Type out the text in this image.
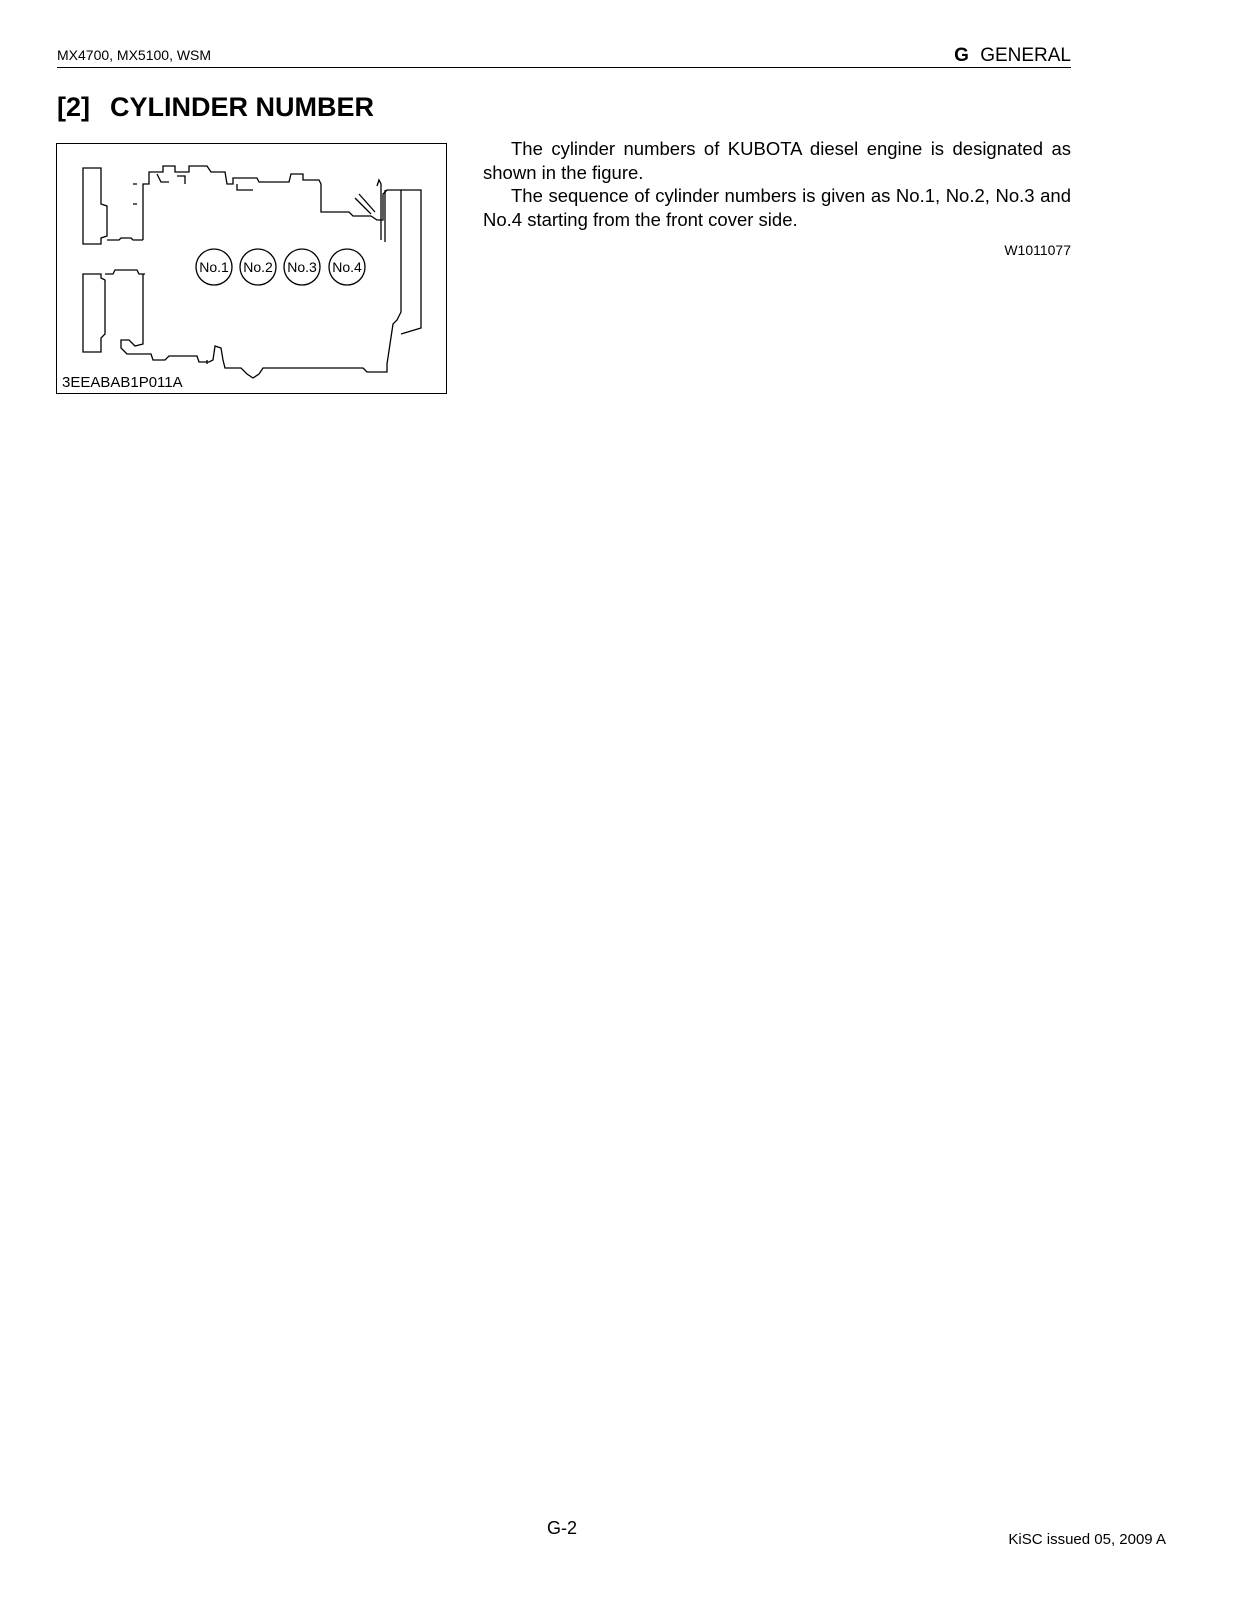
MX4700, MX5100, WSM	G GENERAL
[2] CYLINDER NUMBER
No.1 No.2 No.3 No.4
3EEABAB1P011A

The cylinder numbers of KUBOTA diesel engine is designated as shown in the figure.

The sequence of cylinder numbers is given as No.1, No.2, No.3 and No.4 starting from the front cover side.

W1011077
G-2
KiSC issued 05, 2009 A
